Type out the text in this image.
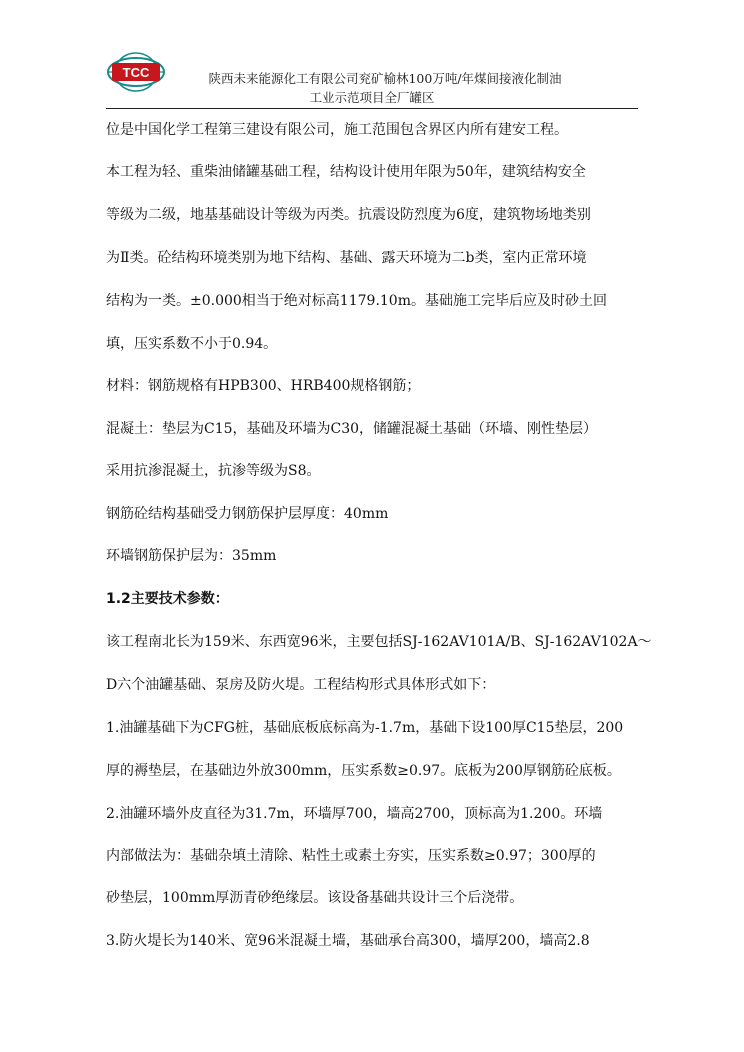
TCC	陕西未来能源化工有限公司兖矿榆林100万吨/年煤间接液化制油
工业示范项目全厂罐区
位是中国化学工程第三建设有限公司，施工范围包含界区内所有建安工程。
本工程为轻、重柴油储罐基础工程，结构设计使用年限为50年，建筑结构安全
等级为二级，地基基础设计等级为丙类。抗震设防烈度为6度，建筑物场地类别
为Ⅱ类。砼结构环境类别为地下结构、基础、露天环境为二b类，室内正常环境
结构为一类。±0.000相当于绝对标高1179.10m。基础施工完毕后应及时砂土回
填，压实系数不小于0.94。
材料：钢筋规格有HPB300、HRB400规格钢筋；
混凝土：垫层为C15，基础及环墙为C30，储罐混凝土基础（环墙、刚性垫层）
采用抗渗混凝土，抗渗等级为S8。
钢筋砼结构基础受力钢筋保护层厚度：40mm
环墙钢筋保护层为：35mm
1.2主要技术参数：
该工程南北长为159米、东西宽96米，主要包括SJ-162AV101A/B、SJ-162AV102A～
D六个油罐基础、泵房及防火堤。工程结构形式具体形式如下：
1.油罐基础下为CFG桩，基础底板底标高为-1.7m，基础下设100厚C15垫层，200
厚的褥垫层，在基础边外放300mm，压实系数≥0.97。底板为200厚钢筋砼底板。
2.油罐环墙外皮直径为31.7m，环墙厚700，墙高2700，顶标高为1.200。环墙
内部做法为：基础杂填土清除、粘性土或素土夯实，压实系数≥0.97；300厚的
砂垫层，100mm厚沥青砂绝缘层。该设备基础共设计三个后浇带。
3.防火堤长为140米、宽96米混凝土墙，基础承台高300，墙厚200，墙高2.8
